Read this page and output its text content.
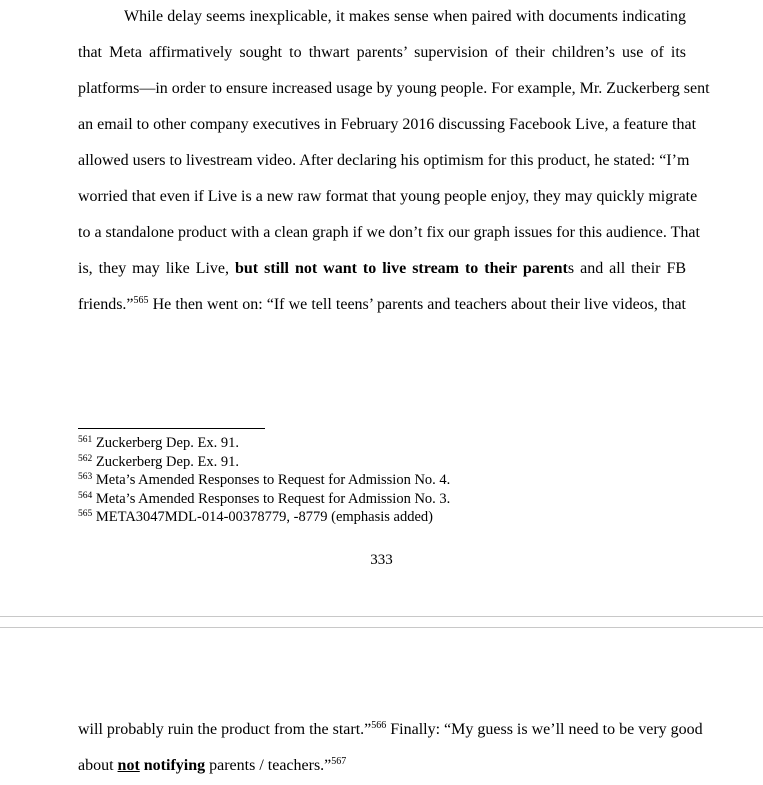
While delay seems inexplicable, it makes sense when paired with documents indicating
that Meta affirmatively sought to thwart parents’ supervision of their children’s use of its
platforms—in order to ensure increased usage by young people. For example, Mr. Zuckerberg sent
an email to other company executives in February 2016 discussing Facebook Live, a feature that
allowed users to livestream video. After declaring his optimism for this product, he stated: “I’m
worried that even if Live is a new raw format that young people enjoy, they may quickly migrate
to a standalone product with a clean graph if we don’t fix our graph issues for this audience. That
is, they may like Live, but still not want to live stream to their parents and all their FB
friends.”$^{565}$ He then went on: “If we tell teens’ parents and teachers about their live videos, that
$^{561}$ Zuckerberg Dep. Ex. 91.
$^{562}$ Zuckerberg Dep. Ex. 91.
$^{563}$ Meta’s Amended Responses to Request for Admission No. 4.
$^{564}$ Meta’s Amended Responses to Request for Admission No. 3.
$^{565}$ META3047MDL-014-00378779, -8779 (emphasis added)
333
will probably ruin the product from the start.”$^{566}$ Finally: “My guess is we’ll need to be very good
about not notifying parents / teachers.”$^{567}$
